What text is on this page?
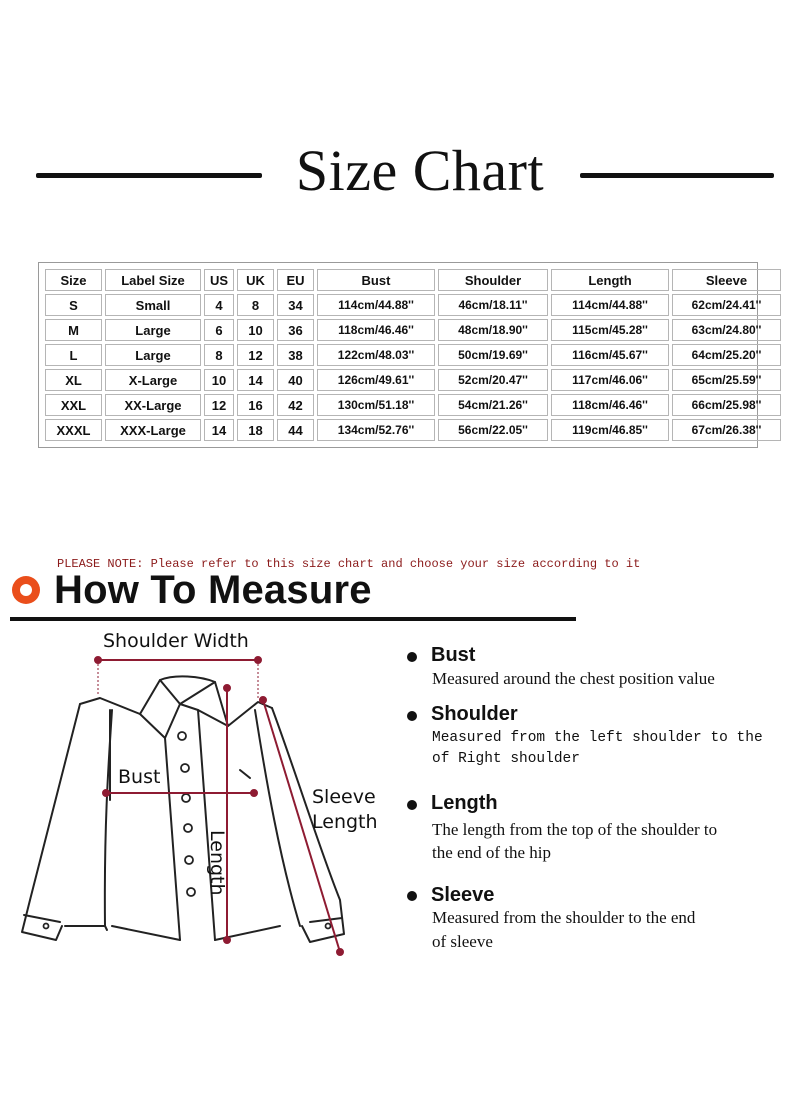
Size Chart
Size	Label Size	US	UK	EU	Bust	Shoulder	Length	Sleeve
S	Small	4	8	34	114cm/44.88''	46cm/18.11''	114cm/44.88''	62cm/24.41''
M	Large	6	10	36	118cm/46.46''	48cm/18.90''	115cm/45.28''	63cm/24.80''
L	Large	8	12	38	122cm/48.03''	50cm/19.69''	116cm/45.67''	64cm/25.20''
XL	X-Large	10	14	40	126cm/49.61''	52cm/20.47''	117cm/46.06''	65cm/25.59''
XXL	XX-Large	12	16	42	130cm/51.18''	54cm/21.26''	118cm/46.46''	66cm/25.98''
XXXL	XXX-Large	14	18	44	134cm/52.76''	56cm/22.05''	119cm/46.85''	67cm/26.38''
PLEASE NOTE: Please refer to this size chart and choose your size according to it
How To Measure
Shoulder Width
Bust
Length
Sleeve
Length
Bust
Measured around the chest position value
Shoulder
Measured from the left shoulder to the
of Right shoulder
Length
The length from the top of the shoulder to
the end of the hip
Sleeve
Measured from the shoulder to the end
of sleeve
